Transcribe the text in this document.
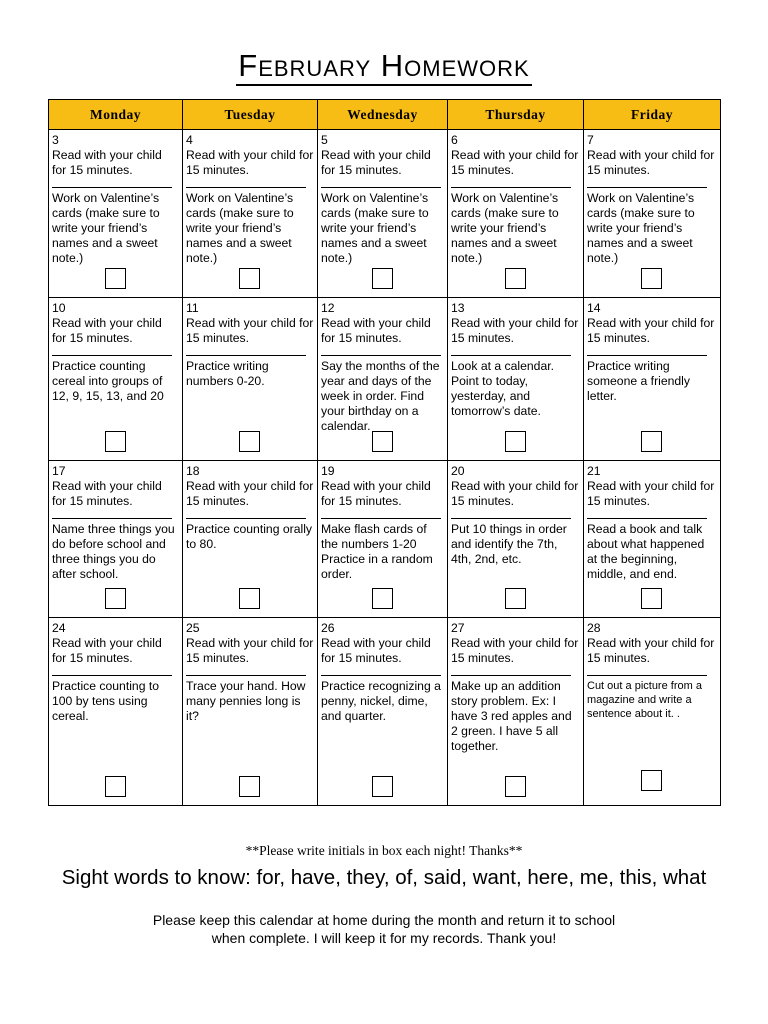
February Homework
Monday	Tuesday	Wednesday	Thursday	Friday

3
Read with your child for 15 minutes.
Work on Valentine’s cards (make sure to write your friend’s names and a sweet note.)	4
Read with your child for 15 minutes.
Work on Valentine’s cards (make sure to write your friend’s names and a sweet note.)	5
Read with your child for 15 minutes.
Work on Valentine’s cards (make sure to write your friend’s names and a sweet note.)	6
Read with your child for 15 minutes.
Work on Valentine’s cards (make sure to write your friend’s names and a sweet note.)	7
Read with your child for 15 minutes.
Work on Valentine’s cards (make sure to write your friend’s names and a sweet note.)

10
Read with your child for 15 minutes.
Practice counting cereal into groups of 12, 9, 15, 13, and 20	11
Read with your child for 15 minutes.
Practice writing numbers 0-20.	12
Read with your child for 15 minutes.
Say the months of the year and days of the week in order. Find your birthday on a calendar.	13
Read with your child for 15 minutes.
Look at a calendar. Point to today, yesterday, and tomorrow’s date.	14
Read with your child for 15 minutes.
Practice writing someone a friendly letter.

17
Read with your child for 15 minutes.
Name three things you do before school and three things you do after school.	18
Read with your child for 15 minutes.
Practice counting orally to 80.	19
Read with your child for 15 minutes.
Make flash cards of the numbers 1-20 Practice in a random order.	20
Read with your child for 15 minutes.
Put 10 things in order and identify the 7th, 4th, 2nd, etc.	21
Read with your child for 15 minutes.
Read a book and talk about what happened at the beginning, middle, and end.

24
Read with your child for 15 minutes.
Practice counting to 100 by tens using cereal.	25
Read with your child for 15 minutes.
Trace your hand. How many pennies long is it?	26
Read with your child for 15 minutes.
Practice recognizing a penny, nickel, dime, and quarter.	27
Read with your child for 15 minutes.
Make up an addition story problem. Ex: I have 3 red apples and 2 green. I have 5 all together.	28
Read with your child for 15 minutes.
Cut out a picture from a magazine and write a sentence about it. .
**Please write initials in box each night! Thanks**
Sight words to know: for, have, they, of, said, want, here, me, this, what
Please keep this calendar at home during the month and return it to school when complete. I will keep it for my records. Thank you!
